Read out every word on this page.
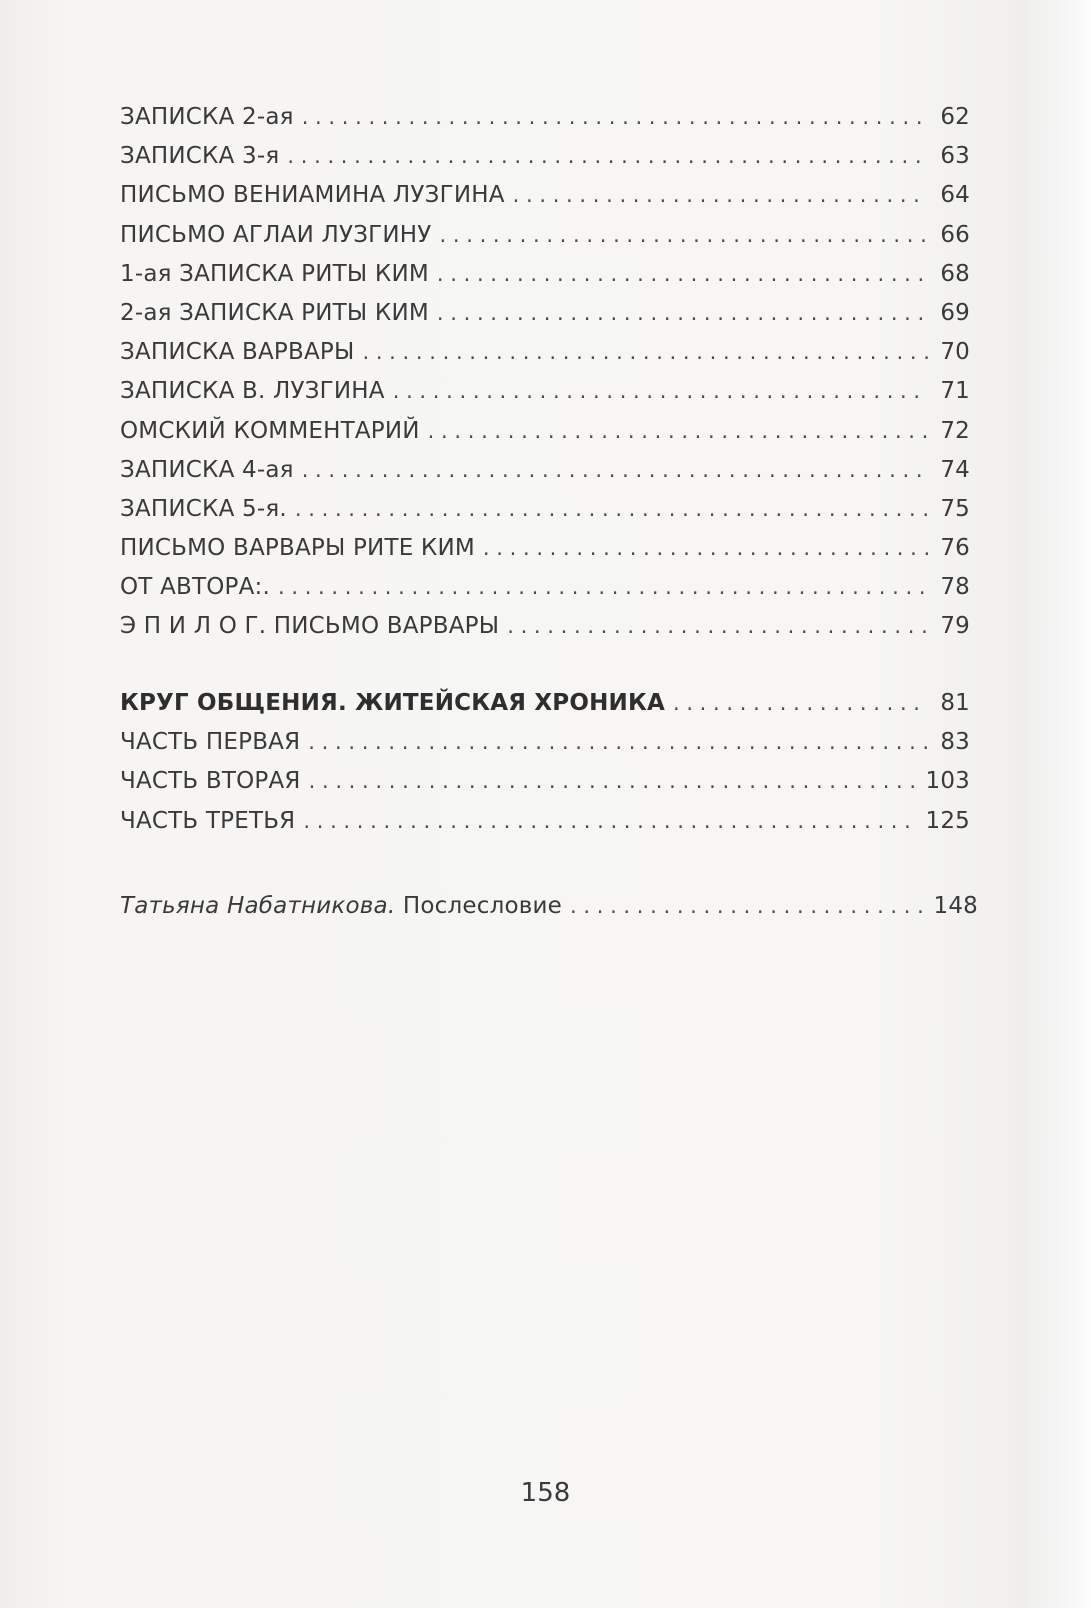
ЗАПИСКА 2-ая . . .	62
ЗАПИСКА 3-я . . .	63
ПИСЬМО ВЕНИАМИНА ЛУЗГИНА . . .	64
ПИСЬМО АГЛАИ ЛУЗГИНУ . . .	66
1-ая ЗАПИСКА РИТЫ КИМ . . .	68
2-ая ЗАПИСКА РИТЫ КИМ . . .	69
ЗАПИСКА ВАРВАРЫ . . .	70
ЗАПИСКА В. ЛУЗГИНА . . .	71
ОМСКИЙ КОММЕНТАРИЙ . . .	72
ЗАПИСКА 4-ая . . .	74
ЗАПИСКА 5-я. . . .	75
ПИСЬМО ВАРВАРЫ РИТЕ КИМ . . .	76
ОТ АВТОРА:. . . .	78
Э П И Л О Г. ПИСЬМО ВАРВАРЫ . . .	79
КРУГ ОБЩЕНИЯ. ЖИТЕЙСКАЯ ХРОНИКА . . .	81
ЧАСТЬ ПЕРВАЯ . . .	83
ЧАСТЬ ВТОРАЯ . . .	103
ЧАСТЬ ТРЕТЬЯ . . .	125
Татьяна Набатникова. Послесловие . . .	148
158
